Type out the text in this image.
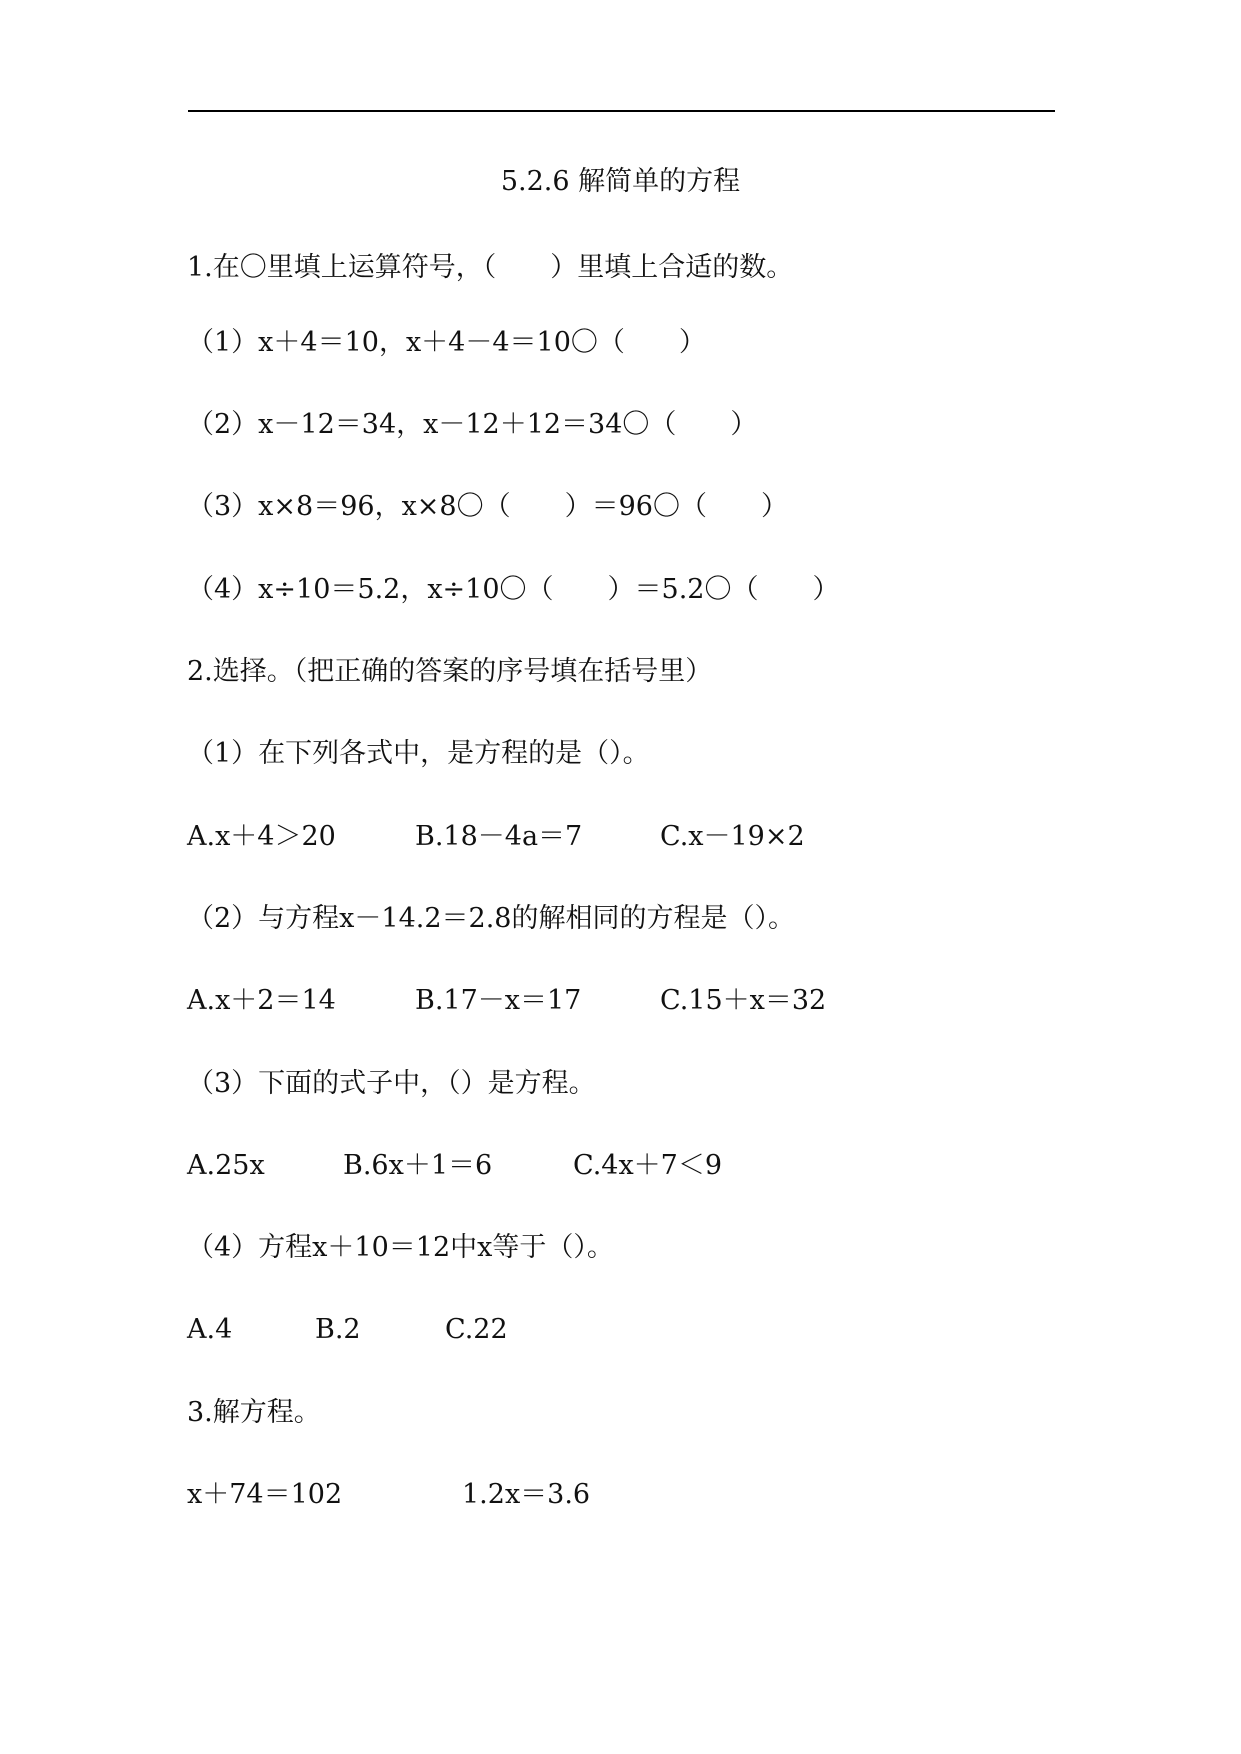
5.2.6 解简单的方程
1.在〇里填上运算符号，（　　）里填上合适的数。
（1）x＋4＝10，x＋4－4＝10〇（　　）
（2）x－12＝34，x－12＋12＝34〇（　　）
（3）x×8＝96，x×8〇（　　）＝96〇（　　）
（4）x÷10＝5.2，x÷10〇（　　）＝5.2〇（　　）
2.选择。（把正确的答案的序号填在括号里）
（1）在下列各式中，是方程的是（）。
A.x＋4＞20	B.18－4a＝7	C.x－19×2
（2）与方程x－14.2＝2.8的解相同的方程是（）。
A.x＋2＝14	B.17－x＝17	C.15＋x＝32
（3）下面的式子中，（）是方程。
A.25x	B.6x＋1＝6	C.4x＋7＜9
（4）方程x＋10＝12中x等于（）。
A.4	B.2	C.22
3.解方程。
x＋74＝102	1.2x＝3.6
